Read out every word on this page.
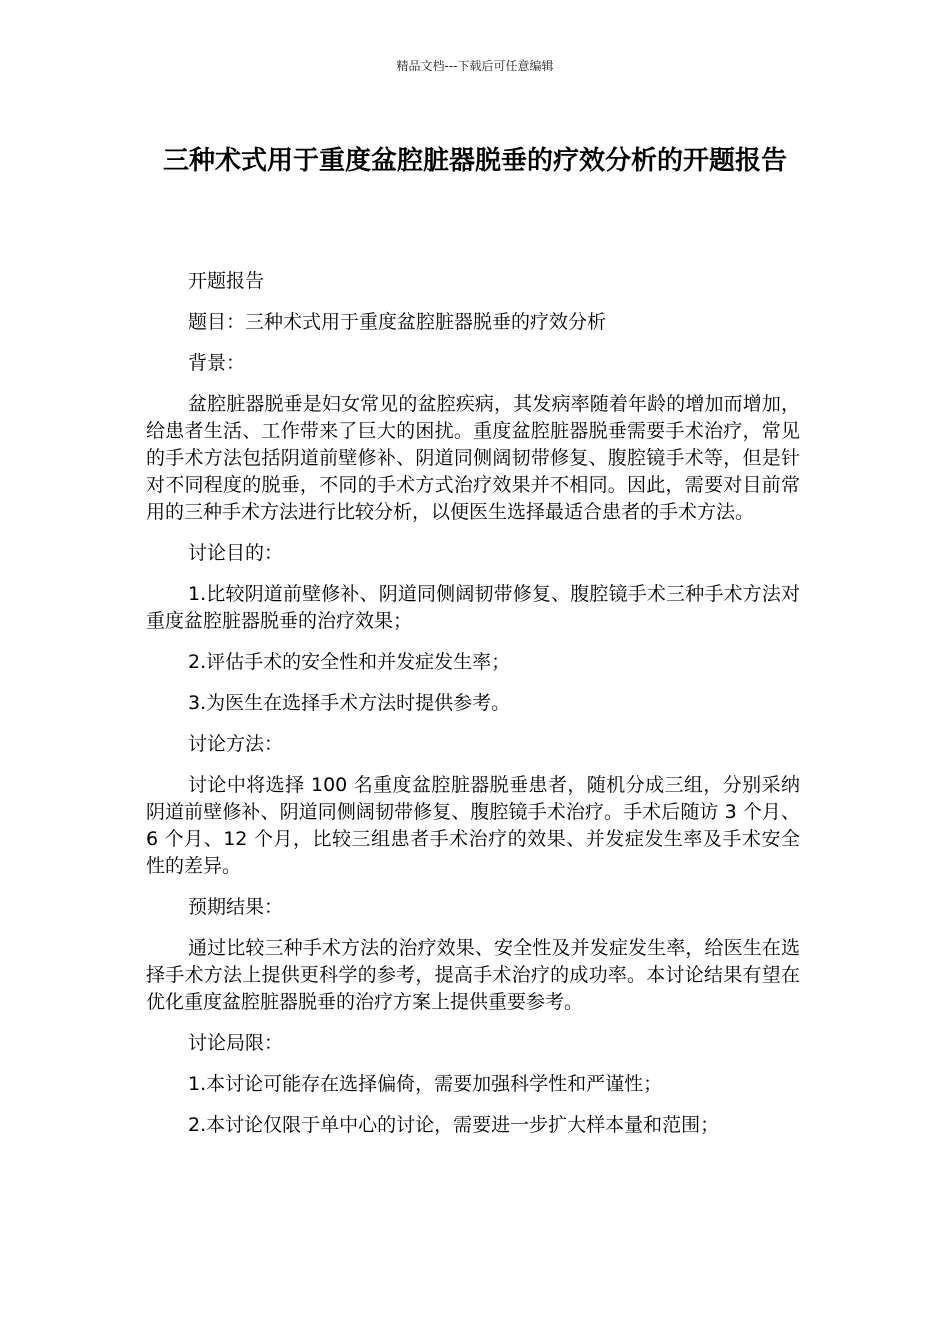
精品文档---下载后可任意编辑
三种术式用于重度盆腔脏器脱垂的疗效分析的开题报告

开题报告

题目：三种术式用于重度盆腔脏器脱垂的疗效分析

背景：

盆腔脏器脱垂是妇女常见的盆腔疾病，其发病率随着年龄的增加而增加，给患者生活、工作带来了巨大的困扰。重度盆腔脏器脱垂需要手术治疗，常见的手术方法包括阴道前壁修补、阴道同侧阔韧带修复、腹腔镜手术等，但是针对不同程度的脱垂，不同的手术方式治疗效果并不相同。因此，需要对目前常用的三种手术方法进行比较分析，以便医生选择最适合患者的手术方法。

讨论目的：

1.比较阴道前壁修补、阴道同侧阔韧带修复、腹腔镜手术三种手术方法对重度盆腔脏器脱垂的治疗效果；

2.评估手术的安全性和并发症发生率；

3.为医生在选择手术方法时提供参考。

讨论方法：

讨论中将选择 100 名重度盆腔脏器脱垂患者，随机分成三组，分别采纳阴道前壁修补、阴道同侧阔韧带修复、腹腔镜手术治疗。手术后随访 3 个月、6 个月、12 个月，比较三组患者手术治疗的效果、并发症发生率及手术安全性的差异。

预期结果：

通过比较三种手术方法的治疗效果、安全性及并发症发生率，给医生在选择手术方法上提供更科学的参考，提高手术治疗的成功率。本讨论结果有望在优化重度盆腔脏器脱垂的治疗方案上提供重要参考。

讨论局限：

1.本讨论可能存在选择偏倚，需要加强科学性和严谨性；

2.本讨论仅限于单中心的讨论，需要进一步扩大样本量和范围；
